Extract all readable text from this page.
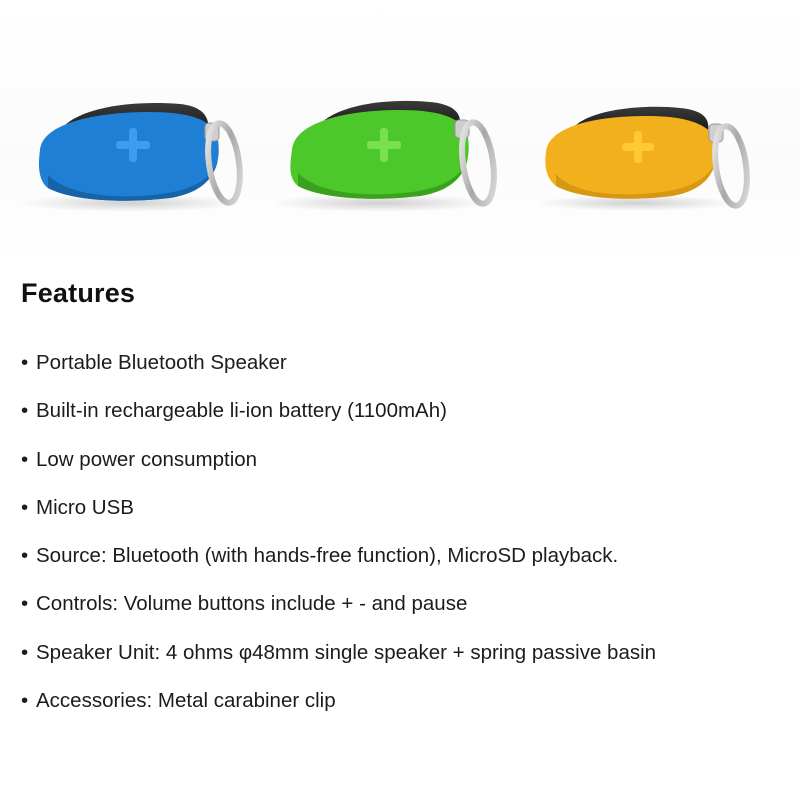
Features
• Portable Bluetooth Speaker
• Built-in rechargeable li-ion battery (1100mAh)
• Low power consumption
• Micro USB
• Source: Bluetooth (with hands-free function), MicroSD playback.
• Controls: Volume buttons include + - and pause
• Speaker Unit: 4 ohms φ48mm single speaker + spring passive basin
• Accessories: Metal carabiner clip
